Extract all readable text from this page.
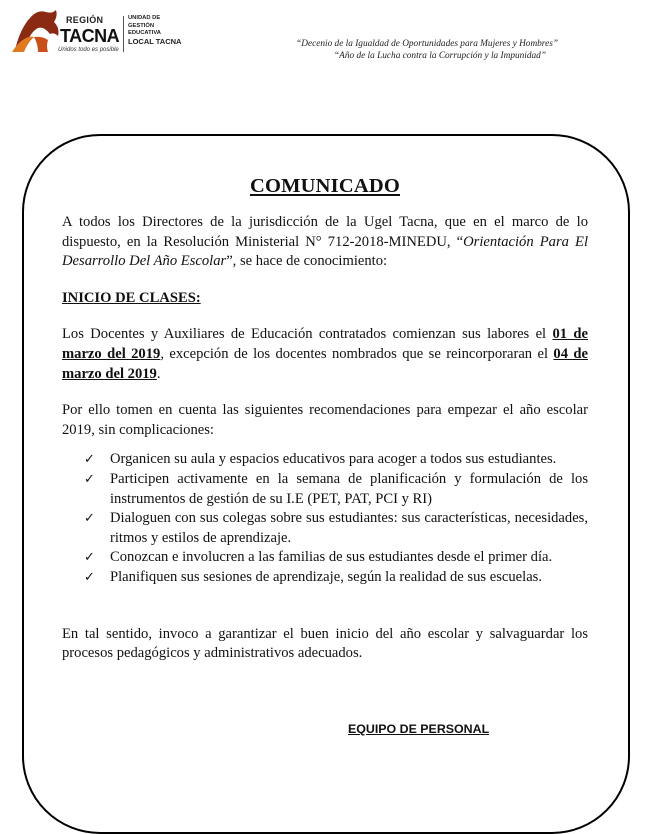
REGIÓN
TACNA
Unidos todo es posible
UNIDAD DE
GESTIÓN
EDUCATIVA
LOCAL TACNA	“Decenio de la Igualdad de Oportunidades para Mujeres y Hombres”
“Año de la Lucha contra la Corrupción y la Impunidad”
COMUNICADO

A todos los Directores de la jurisdicción de la Ugel Tacna, que en el marco de lo dispuesto, en la Resolución Ministerial N° 712-2018-MINEDU, “Orientación Para El Desarrollo Del Año Escolar”, se hace de conocimiento:

INICIO DE CLASES:

Los Docentes y Auxiliares de Educación contratados comienzan sus labores el 01 de marzo del 2019, excepción de los docentes nombrados que se reincorporaran el 04 de marzo del 2019.

Por ello tomen en cuenta las siguientes recomendaciones para empezar el año escolar 2019, sin complicaciones:

✓ Organicen su aula y espacios educativos para acoger a todos sus estudiantes.
✓ Participen activamente en la semana de planificación y formulación de los instrumentos de gestión de su I.E (PET, PAT, PCI y RI)
✓ Dialoguen con sus colegas sobre sus estudiantes: sus características, necesidades, ritmos y estilos de aprendizaje.
✓ Conozcan e involucren a las familias de sus estudiantes desde el primer día.
✓ Planifiquen sus sesiones de aprendizaje, según la realidad de sus escuelas.

En tal sentido, invoco a garantizar el buen inicio del año escolar y salvaguardar los procesos pedagógicos y administrativos adecuados.

EQUIPO DE PERSONAL
